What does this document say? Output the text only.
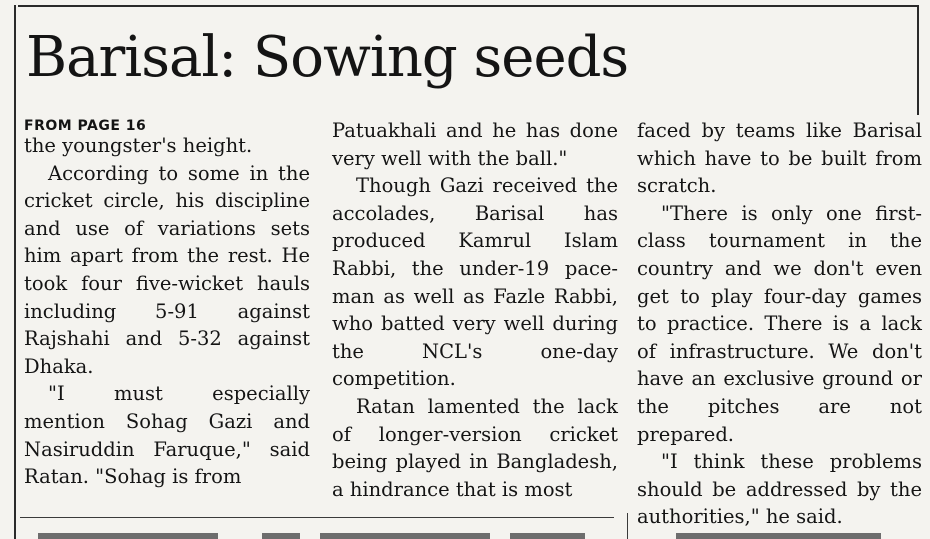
Barisal: Sowing seeds
FROM PAGE 16

the youngster's height.

According to some in the cricket circle, his discipline and use of variations sets him apart from the rest. He took four five-wicket hauls including 5-91 against Rajshahi and 5-32 against Dhaka.

"I must especially mention Sohag Gazi and Nasiruddin Faruque," said Ratan. "Sohag is from

Patuakhali and he has done very well with the ball."

Though Gazi received the accolades, Barisal has produced Kamrul Islam Rabbi, the under-19 pace-man as well as Fazle Rabbi, who batted very well during the NCL's one-day competition.

Ratan lamented the lack of longer-version cricket being played in Bangladesh, a hindrance that is most

faced by teams like Barisal which have to be built from scratch.

"There is only one first-class tournament in the country and we don't even get to play four-day games to practice. There is a lack of infrastructure. We don't have an exclusive ground or the pitches are not prepared.

"I think these problems should be addressed by the authorities," he said.
